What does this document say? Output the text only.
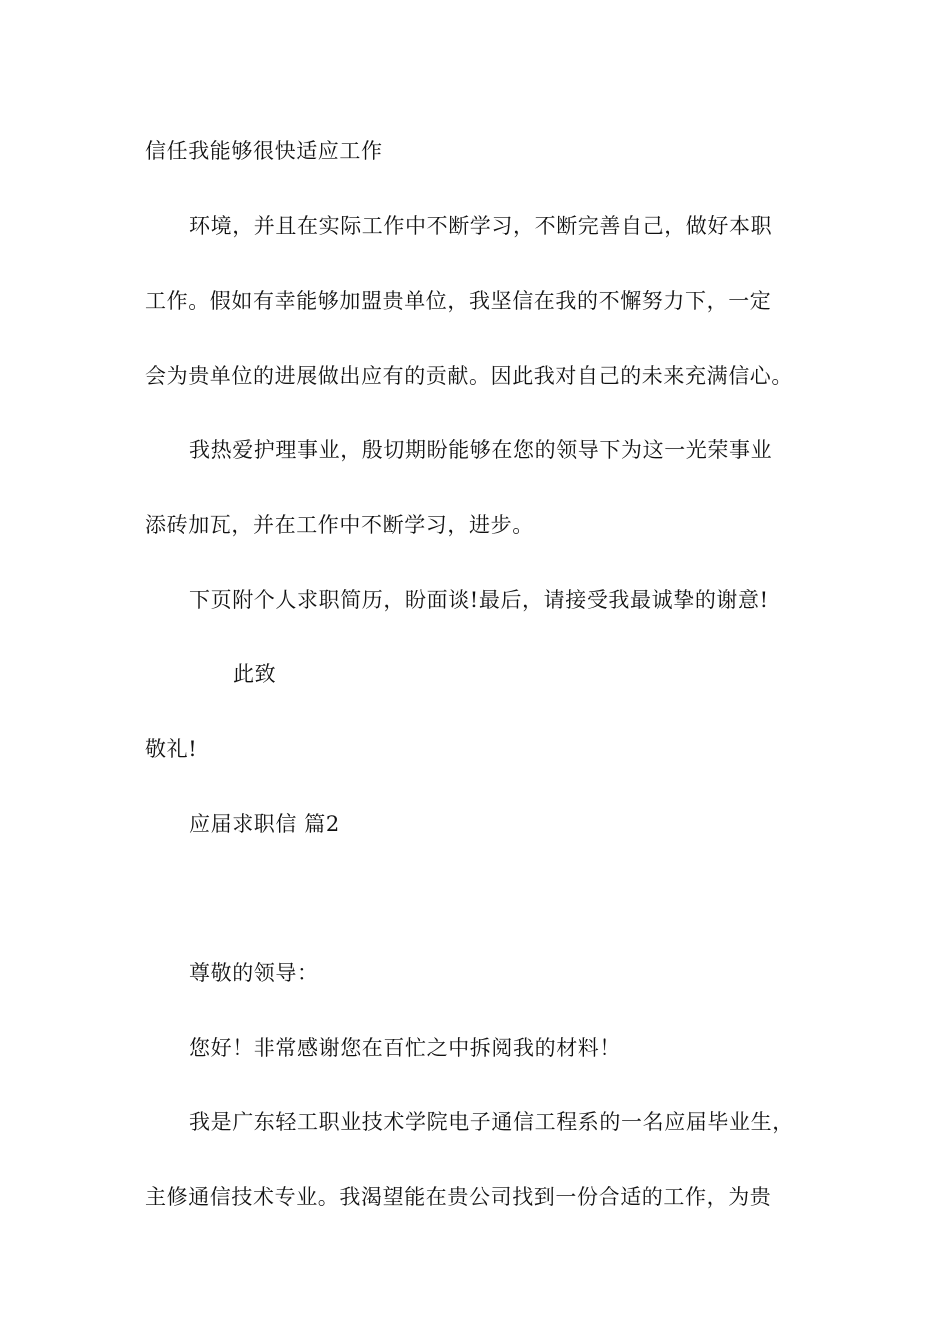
信任我能够很快适应工作
环境，并且在实际工作中不断学习，不断完善自己，做好本职
工作。假如有幸能够加盟贵单位，我坚信在我的不懈努力下，一定
会为贵单位的进展做出应有的贡献。因此我对自己的未来充满信心。
我热爱护理事业，殷切期盼能够在您的领导下为这一光荣事业
添砖加瓦，并在工作中不断学习，进步。
下页附个人求职简历，盼面谈!最后，请接受我最诚挚的谢意!
此致
敬礼!
应届求职信 篇2
尊敬的领导：
您好！非常感谢您在百忙之中拆阅我的材料！
我是广东轻工职业技术学院电子通信工程系的一名应届毕业生，
主修通信技术专业。我渴望能在贵公司找到一份合适的工作，为贵
